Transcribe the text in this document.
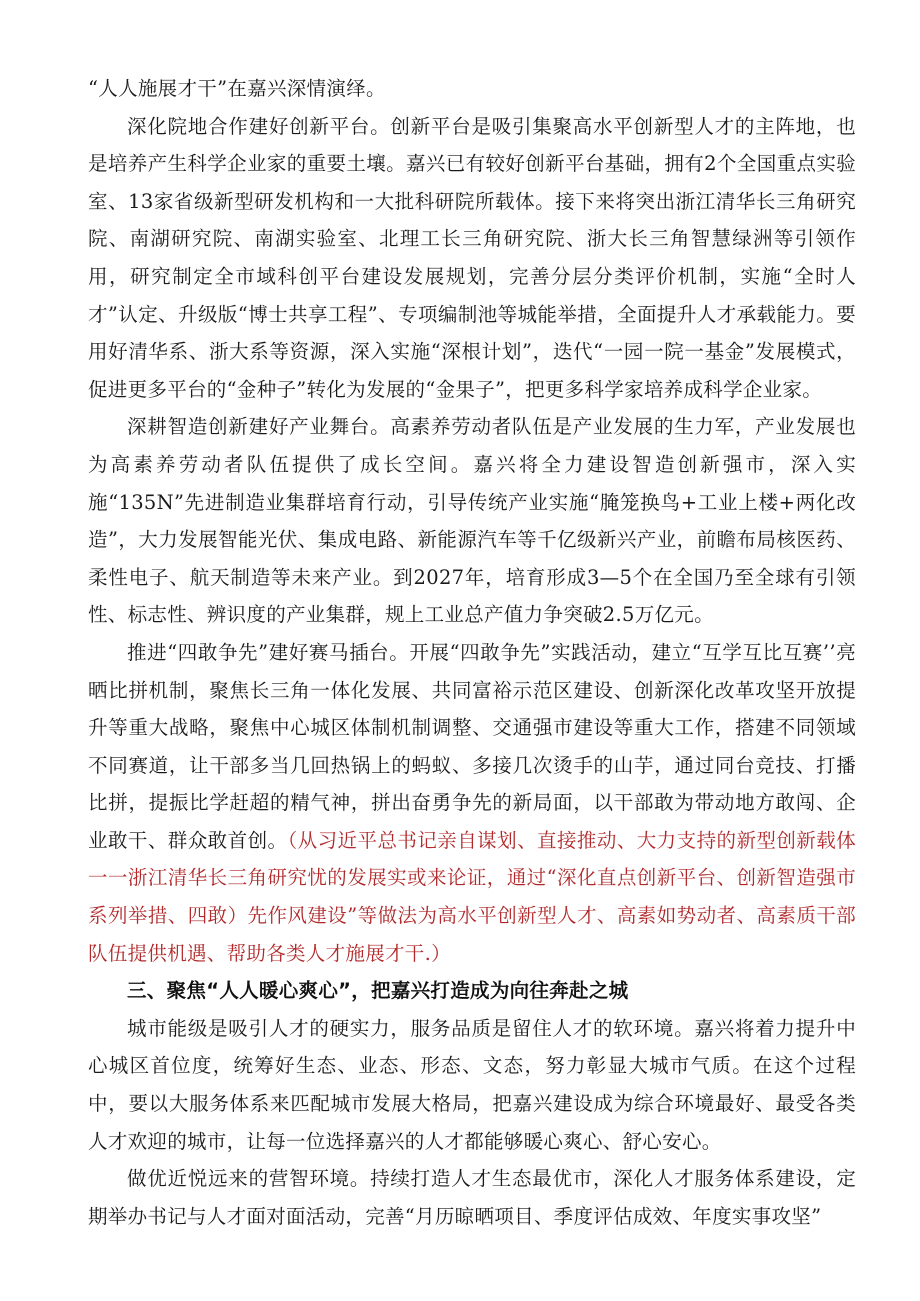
“人人施展才干”在嘉兴深情演绎。

深化院地合作建好创新平台。创新平台是吸引集聚高水平创新型人才的主阵地，也是培养产生科学企业家的重要土壤。嘉兴已有较好创新平台基础，拥有2个全国重点实验室、13家省级新型研发机构和一大批科研院所载体。接下来将突出浙江清华长三角研究院、南湖研究院、南湖实验室、北理工长三角研究院、浙大长三角智慧绿洲等引领作用，研究制定全市域科创平台建设发展规划，完善分层分类评价机制，实施“全时人才”认定、升级版“博士共享工程”、专项编制池等城能举措，全面提升人才承载能力。要用好清华系、浙大系等资源，深入实施“深根计划”，迭代“一园一院一基金”发展模式，促进更多平台的“金种子”转化为发展的“金果子”，把更多科学家培养成科学企业家。

深耕智造创新建好产业舞台。高素养劳动者队伍是产业发展的生力军，产业发展也为高素养劳动者队伍提供了成长空间。嘉兴将全力建设智造创新强市，深入实施“135N”先进制造业集群培育行动，引导传统产业实施“腌笼换鸟+工业上楼+两化改造”，大力发展智能光伏、集成电路、新能源汽车等千亿级新兴产业，前瞻布局核医药、柔性电子、航天制造等未来产业。到2027年，培育形成3—5个在全国乃至全球有引领性、标志性、辨识度的产业集群，规上工业总产值力争突破2.5万亿元。

推进“四敢争先”建好赛马插台。开展“四敢争先”实践活动，建立“互学互比互赛’’亮晒比拼机制，聚焦长三角一体化发展、共同富裕示范区建设、创新深化改革攻坚开放提升等重大战略，聚焦中心城区体制机制调整、交通强市建设等重大工作，搭建不同领域不同赛道，让干部多当几回热锅上的蚂蚁、多接几次烫手的山芋，通过同台竞技、打播比拼，提振比学赶超的精气神，拼出奋勇争先的新局面，以干部敢为带动地方敢闯、企业敢干、群众敢首创。（从习近平总书记亲自谋划、直接推动、大力支持的新型创新载体一一浙江清华长三角研究忧的发展实或来论证，通过“深化直点创新平台、创新智造强市系列举措、四敢）先作风建设”等做法为高水平创新型人才、高素如势动者、高素质干部队伍提供机遇、帮助各类人才施展才干.）

三、聚焦“人人暖心爽心”，把嘉兴打造成为向往奔赴之城

城市能级是吸引人才的硬实力，服务品质是留住人才的软环境。嘉兴将着力提升中心城区首位度，统筹好生态、业态、形态、文态，努力彰显大城市气质。在这个过程中，要以大服务体系来匹配城市发展大格局，把嘉兴建设成为综合环境最好、最受各类人才欢迎的城市，让每一位选择嘉兴的人才都能够暖心爽心、舒心安心。

做优近悦远来的营智环境。持续打造人才生态最优市，深化人才服务体系建设，定期举办书记与人才面对面活动，完善“月历晾晒项目、季度评估成效、年度实事攻坚”
